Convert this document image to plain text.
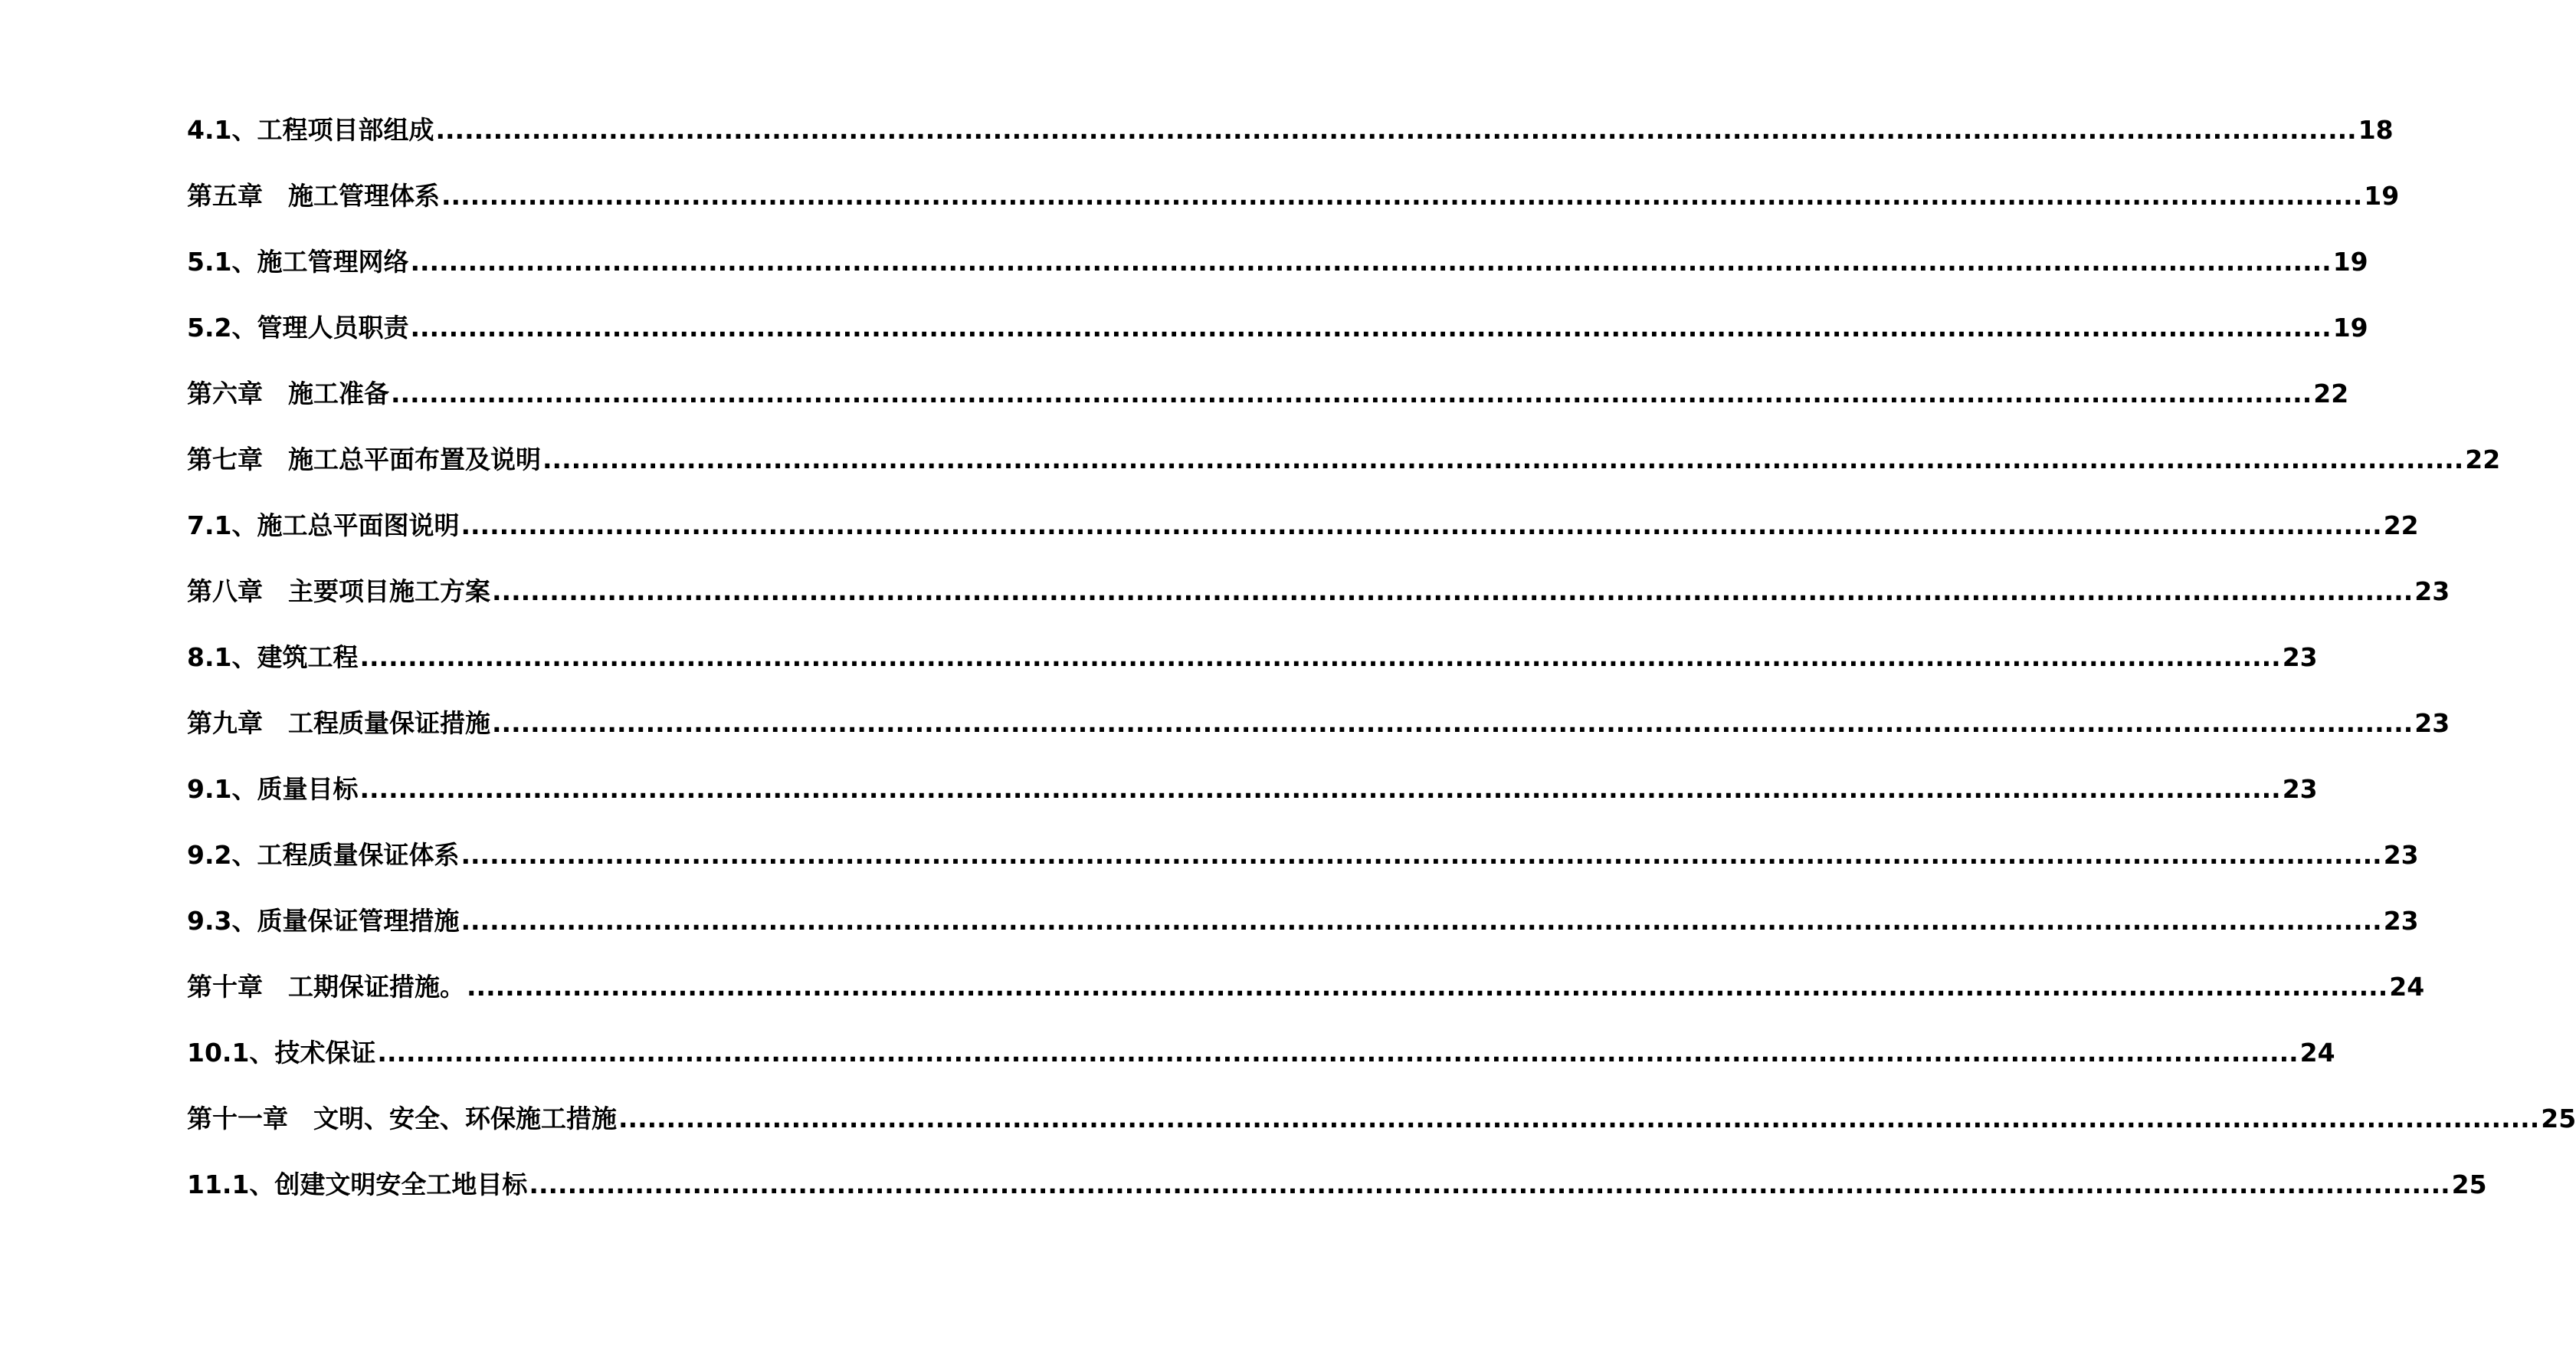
4.1、工程项目部组成 ........................................................................................................................................................................................................ 18
第五章　施工管理体系 ........................................................................................................................................................................................................ 19
5.1、施工管理网络 ........................................................................................................................................................................................................ 19
5.2、管理人员职责 ........................................................................................................................................................................................................ 19
第六章　施工准备 ........................................................................................................................................................................................................ 22
第七章　施工总平面布置及说明 ........................................................................................................................................................................................................ 22
7.1、施工总平面图说明 ........................................................................................................................................................................................................ 22
第八章　主要项目施工方案 ........................................................................................................................................................................................................ 23
8.1、建筑工程 ........................................................................................................................................................................................................ 23
第九章　工程质量保证措施 ........................................................................................................................................................................................................ 23
9.1、质量目标 ........................................................................................................................................................................................................ 23
9.2、工程质量保证体系 ........................................................................................................................................................................................................ 23
9.3、质量保证管理措施 ........................................................................................................................................................................................................ 23
第十章　工期保证措施。 ........................................................................................................................................................................................................ 24
10.1、技术保证 ........................................................................................................................................................................................................ 24
第十一章　文明、安全、环保施工措施 ........................................................................................................................................................................................................ 25
11.1、创建文明安全工地目标 ........................................................................................................................................................................................................ 25
